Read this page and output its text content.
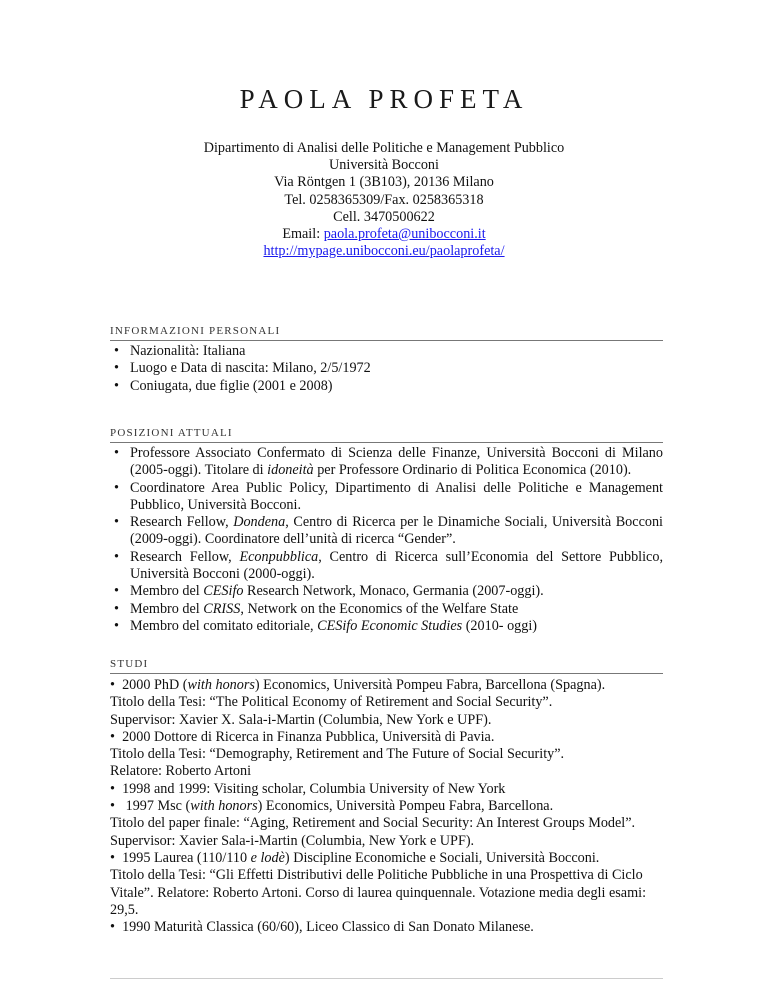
PAOLA PROFETA
Dipartimento di Analisi delle Politiche e Management Pubblico
Università Bocconi
Via Röntgen 1 (3B103), 20136 Milano
Tel. 0258365309/Fax. 0258365318
Cell. 3470500622
Email: paola.profeta@unibocconi.it
http://mypage.unibocconi.eu/paolaprofeta/
INFORMAZIONI PERSONALI
• Nazionalità: Italiana
• Luogo e Data di nascita: Milano, 2/5/1972
• Coniugata, due figlie (2001 e 2008)
POSIZIONI ATTUALI
• Professore Associato Confermato di Scienza delle Finanze, Università Bocconi di Milano (2005-oggi). Titolare di idoneità per Professore Ordinario di Politica Economica (2010).
• Coordinatore Area Public Policy, Dipartimento di Analisi delle Politiche e Management Pubblico, Università Bocconi.
• Research Fellow, Dondena, Centro di Ricerca per le Dinamiche Sociali, Università Bocconi (2009-oggi). Coordinatore dell’unità di ricerca “Gender”.
• Research Fellow, Econpubblica, Centro di Ricerca sull’Economia del Settore Pubblico, Università Bocconi (2000-oggi).
• Membro del CESifo Research Network, Monaco, Germania (2007-oggi).
• Membro del CRISS, Network on the Economics of the Welfare State
• Membro del comitato editoriale, CESifo Economic Studies (2010- oggi)
STUDI

•  2000 PhD (with honors) Economics, Università Pompeu Fabra, Barcellona (Spagna).

Titolo della Tesi: “The Political Economy of Retirement and Social Security”.

Supervisor: Xavier X. Sala-i-Martin (Columbia, New York e UPF).

•  2000 Dottore di Ricerca in Finanza Pubblica, Università di Pavia.

Titolo della Tesi: “Demography, Retirement and The Future of Social Security”.

Relatore: Roberto Artoni

•  1998 and 1999: Visiting scholar, Columbia University of New York

•   1997 Msc (with honors) Economics, Università Pompeu Fabra, Barcellona.

Titolo del paper finale: “Aging, Retirement and Social Security: An Interest Groups Model”.

Supervisor: Xavier Sala-i-Martin (Columbia, New York e UPF).

•  1995 Laurea (110/110 e lodè) Discipline Economiche e Sociali, Università Bocconi.

Titolo della Tesi: “Gli Effetti Distributivi delle Politiche Pubbliche in una Prospettiva di Ciclo Vitale”. Relatore: Roberto Artoni. Corso di laurea quinquennale. Votazione media degli esami: 29,5.

•  1990 Maturità Classica (60/60), Liceo Classico di San Donato Milanese.
